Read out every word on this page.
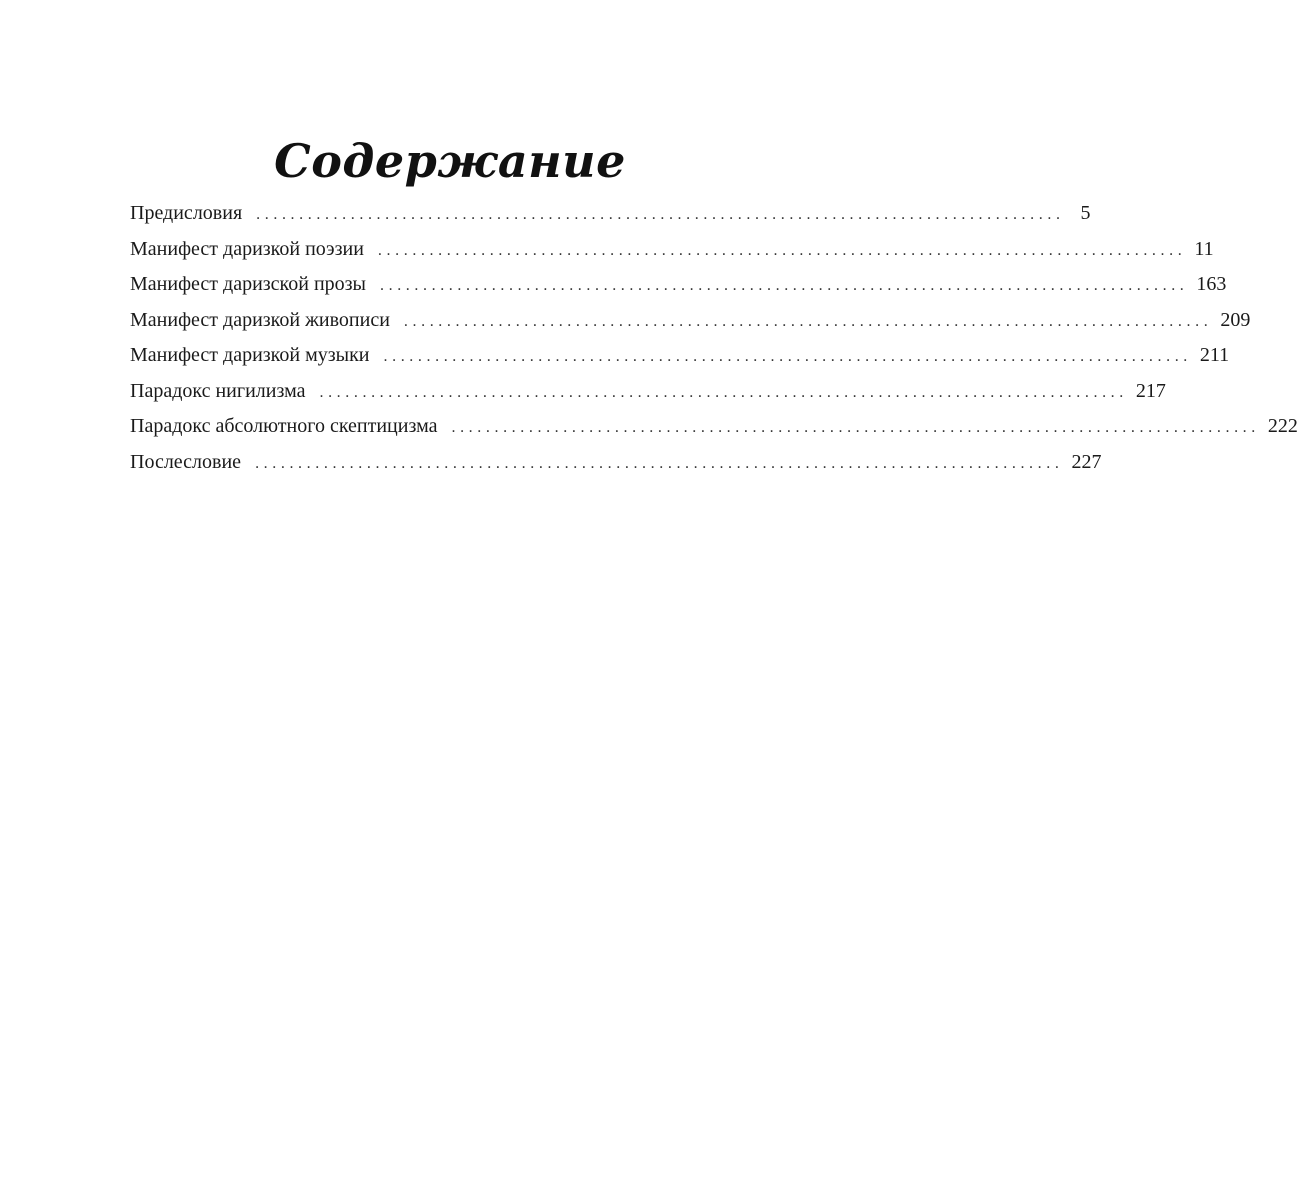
Содержание
Предисловия .............................................................................................. 5
Манифест даризкой поэзии .............................................................................................. 11
Манифест даризской прозы .............................................................................................. 163
Манифест даризкой живописи .............................................................................................. 209
Манифест даризкой музыки .............................................................................................. 211
Парадокс нигилизма .............................................................................................. 217
Парадокс абсолютного скептицизма .............................................................................................. 222
Послесловие .............................................................................................. 227
